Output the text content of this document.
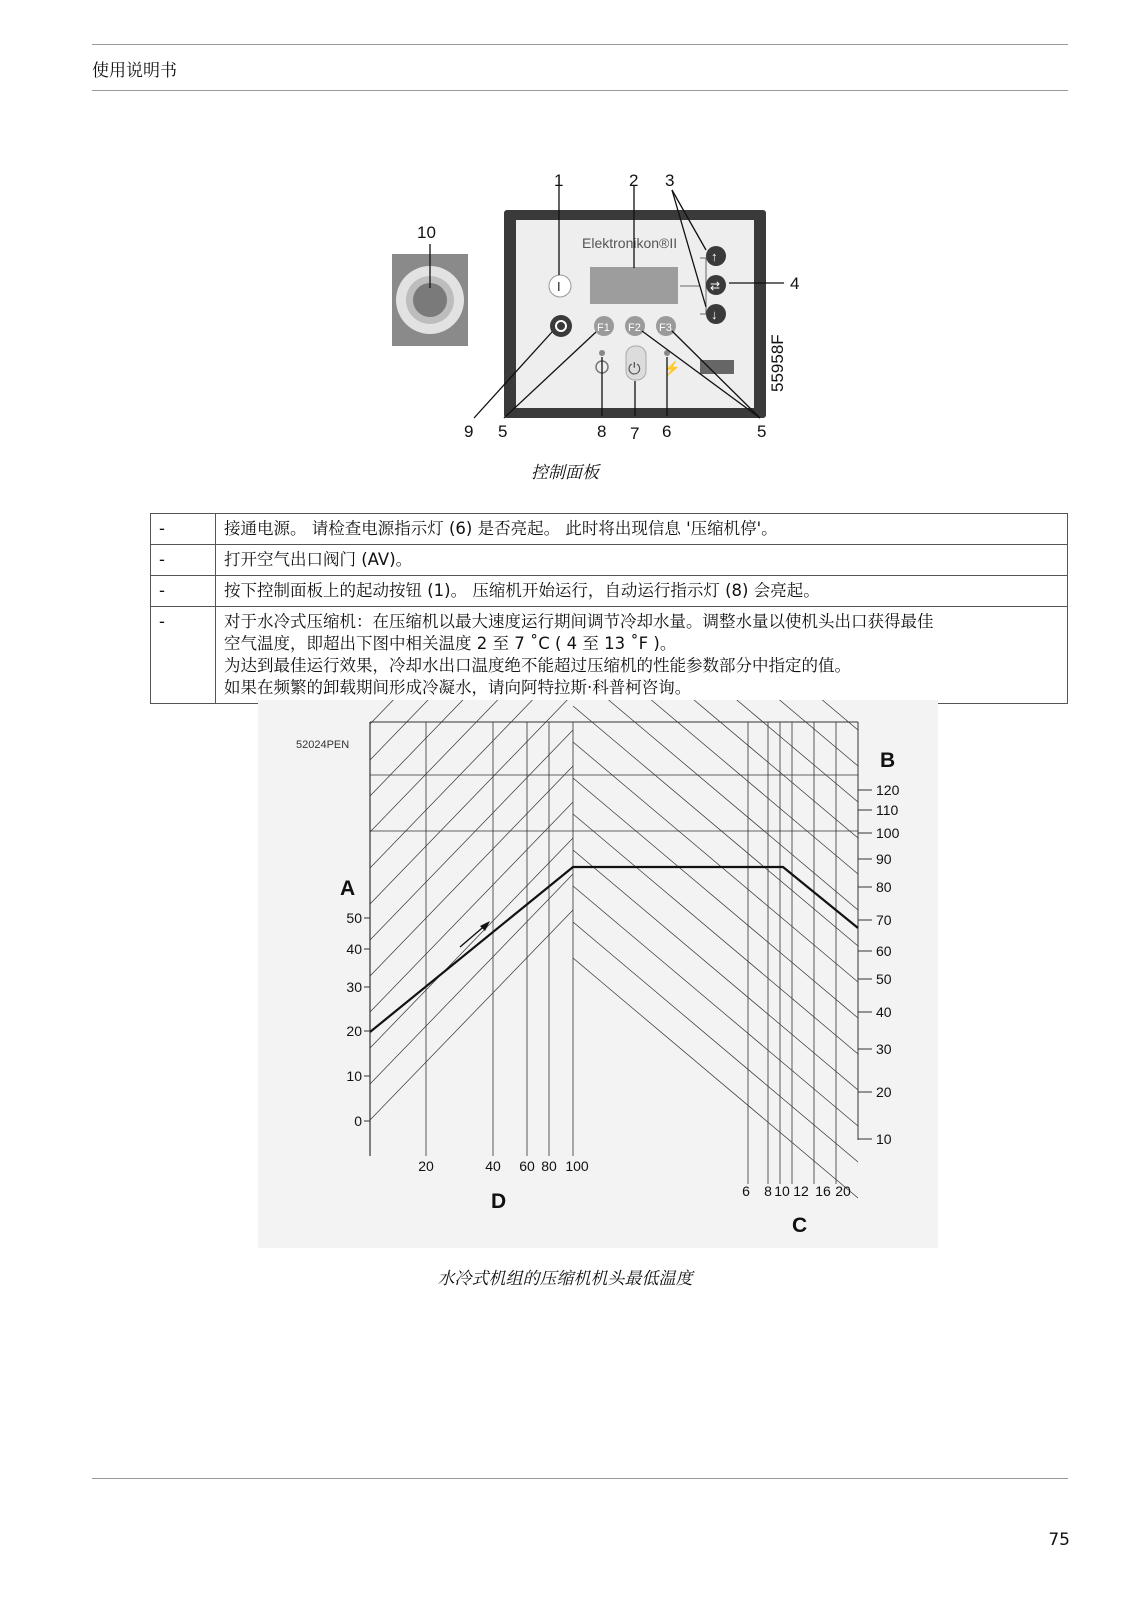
使用说明书
Elektronikon®II
↑
⇄
↓
I
F1 F2 F3
⏻ ⚡	55958F
1	2 3
4
5	5
6
7
8
9
10
控制面板
-	接通电源。 请检查电源指示灯 (6) 是否亮起。 此时将出现信息 '压缩机停'。

-	打开空气出口阀门 (AV)。

-	按下控制面板上的起动按钮 (1)。 压缩机开始运行，自动运行指示灯 (8) 会亮起。

-	对于水冷式压缩机：在压缩机以最大速度运行期间调节冷却水量。调整水量以使机头出口获得最佳
空气温度，即超出下图中相关温度 2 至 7 ˚C ( 4 至 13 ˚F )。
为达到最佳运行效果，冷却水出口温度绝不能超过压缩机的性能参数部分中指定的值。
如果在频繁的卸载期间形成冷凝水，请向阿特拉斯·科普柯咨询。
52024PEN
A
B
C
D
50
40
30
20
10
0
120
110
100
90
80
70
60
50
40
30
20
10
20	40 60 80 100
6 8 10 12 16 20
水冷式机组的压缩机机头最低温度
75
